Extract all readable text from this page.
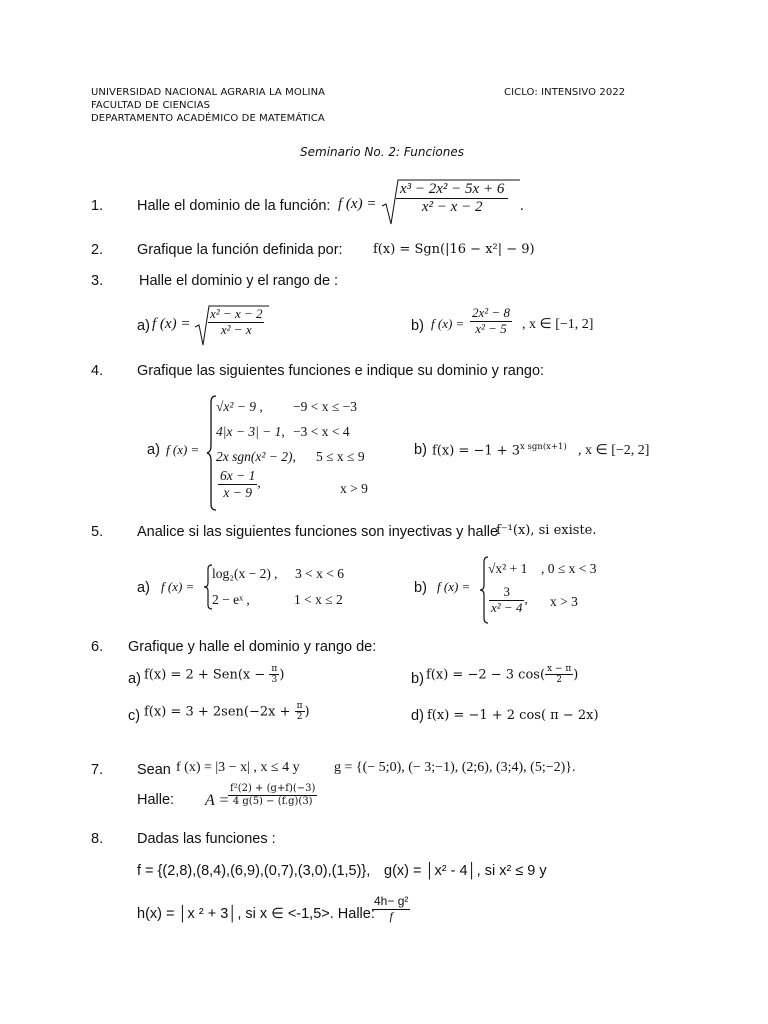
UNIVERSIDAD NACIONAL AGRARIA LA MOLINA
FACULTAD DE CIENCIAS
DEPARTAMENTO ACADÉMICO DE MATEMÁTICA
CICLO: INTENSIVO 2022
Seminario No. 2: Funciones
1. Halle el dominio de la función: f $(x) = \frac{\text{x³ − 2x² − 5x + 6}}{\text{x² − x − 2}}$ .
2. Grafique la función definida por: f(x) = Sgn(|16 − x²| − 9)
3. Halle el dominio y el rango de :
a) f $(x) = \frac{\text{x² − x − 2}}{\text{x² − x}}$	b) f $(x) = \frac{\text{2x² − 8}}{\text{x² − 5}}$ , x ∈ [−1, 2]
4. Grafique las siguientes funciones e indique su dominio y rango:
a) f (x) =
√x² − 9 , −9 < x ≤ −3
4|x − 3| − 1, −3 < x < 4
2x sgn(x² − 2), 5 ≤ x ≤ 9
$\frac{6x - 1}{x - 9}$ ,	x > 9
b) $f(x) = -1 + 3^{x sgn(x+1)}$ , x ∈ [−2, 2]
5. Analice si las siguientes funciones son inyectivas y halle
f⁻¹(x), si existe.
a) f (x) =
log₂(x − 2) , 3 < x < 6
2 − eˣ ,	1 < x ≤ 2
b) f (x) =
√x² + 1 , 0 ≤ x < 3
$\frac{3}{\text{x² − 4}}$ , x > 3
6. Grafique y halle el dominio y rango de:
a) $f(x) = 2 + Sen(x - \frac{\pi}{3}$ )	b) f(x) = −2 − 3 $\cos( \frac{x - \pi}{2}$ )
c) $f(x) = 3 + 2sen(-2x + \frac{\pi}{2}$ )	d) f(x) = −1 + 2 cos( π − 2x)
7. Sean f (x) = |3 − x| , x ≤ 4 y g = {(− 5;0), (− 3;−1), (2;6), (3;4), (5;−2)}.
Halle: A =
$\frac{\text{f²(2) + (g+f)(−3)}}{4 g(5) - (f.g)(3)}$
8. Dadas las funciones :
f = {(2,8),(8,4),(6,9),(0,7),(3,0),(1,5)}, g(x) = │x² - 4│, si x² ≤ 9 y
h(x) = │x ² + 3│, si x ∈ <-1,5>. Halle:
$\frac{\text{4h− g²}}{f}$
